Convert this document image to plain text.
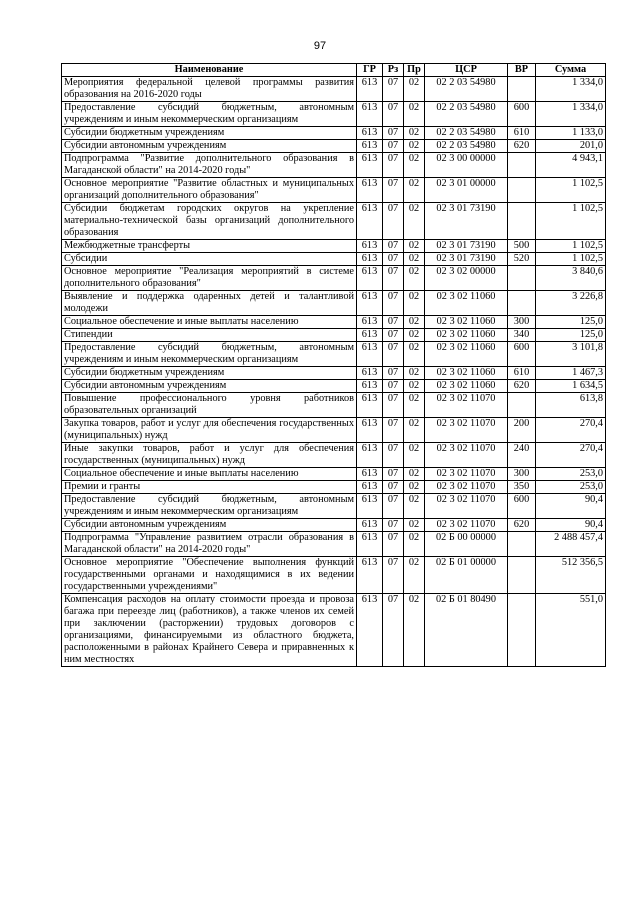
97
Наименование	ГР	Рз	Пр	ЦСР	ВР	Сумма
Мероприятия федеральной целевой программы развития образования на 2016-2020 годы	613	07	02	02 2 03 54980		1 334,0
Предоставление субсидий бюджетным, автономным учреждениям и иным некоммерческим организациям	613	07	02	02 2 03 54980	600	1 334,0
Субсидии бюджетным учреждениям	613	07	02	02 2 03 54980	610	1 133,0
Субсидии автономным учреждениям	613	07	02	02 2 03 54980	620	201,0
Подпрограмма "Развитие дополнительного образования в Магаданской области" на 2014-2020 годы"	613	07	02	02 3 00 00000		4 943,1
Основное мероприятие "Развитие областных и муниципальных организаций дополнительного образования"	613	07	02	02 3 01 00000		1 102,5
Субсидии бюджетам городских округов на укрепление материально-технической базы организаций дополнительного образования	613	07	02	02 3 01 73190		1 102,5
Межбюджетные трансферты	613	07	02	02 3 01 73190	500	1 102,5
Субсидии	613	07	02	02 3 01 73190	520	1 102,5
Основное мероприятие "Реализация мероприятий в системе дополнительного образования"	613	07	02	02 3 02 00000		3 840,6
Выявление и поддержка одаренных детей и талантливой молодежи	613	07	02	02 3 02 11060		3 226,8
Социальное обеспечение и иные выплаты населению	613	07	02	02 3 02 11060	300	125,0
Стипендии	613	07	02	02 3 02 11060	340	125,0
Предоставление субсидий бюджетным, автономным учреждениям и иным некоммерческим организациям	613	07	02	02 3 02 11060	600	3 101,8
Субсидии бюджетным учреждениям	613	07	02	02 3 02 11060	610	1 467,3
Субсидии автономным учреждениям	613	07	02	02 3 02 11060	620	1 634,5
Повышение профессионального уровня работников образовательных организаций	613	07	02	02 3 02 11070		613,8
Закупка товаров, работ и услуг для обеспечения государственных (муниципальных) нужд	613	07	02	02 3 02 11070	200	270,4
Иные закупки товаров, работ и услуг для обеспечения государственных (муниципальных) нужд	613	07	02	02 3 02 11070	240	270,4
Социальное обеспечение и иные выплаты населению	613	07	02	02 3 02 11070	300	253,0
Премии и гранты	613	07	02	02 3 02 11070	350	253,0
Предоставление субсидий бюджетным, автономным учреждениям и иным некоммерческим организациям	613	07	02	02 3 02 11070	600	90,4
Субсидии автономным учреждениям	613	07	02	02 3 02 11070	620	90,4
Подпрограмма "Управление развитием отрасли образования в Магаданской области" на 2014-2020 годы"	613	07	02	02 Б 00 00000		2 488 457,4
Основное мероприятие "Обеспечение выполнения функций государственными органами и находящимися в их ведении государственными учреждениями"	613	07	02	02 Б 01 00000		512 356,5
Компенсация расходов на оплату стоимости проезда и провоза багажа при переезде лиц (работников), а также членов их семей при заключении (расторжении) трудовых договоров с организациями, финансируемыми из областного бюджета, расположенными в районах Крайнего Севера и приравненных к ним местностях	613	07	02	02 Б 01 80490		551,0
